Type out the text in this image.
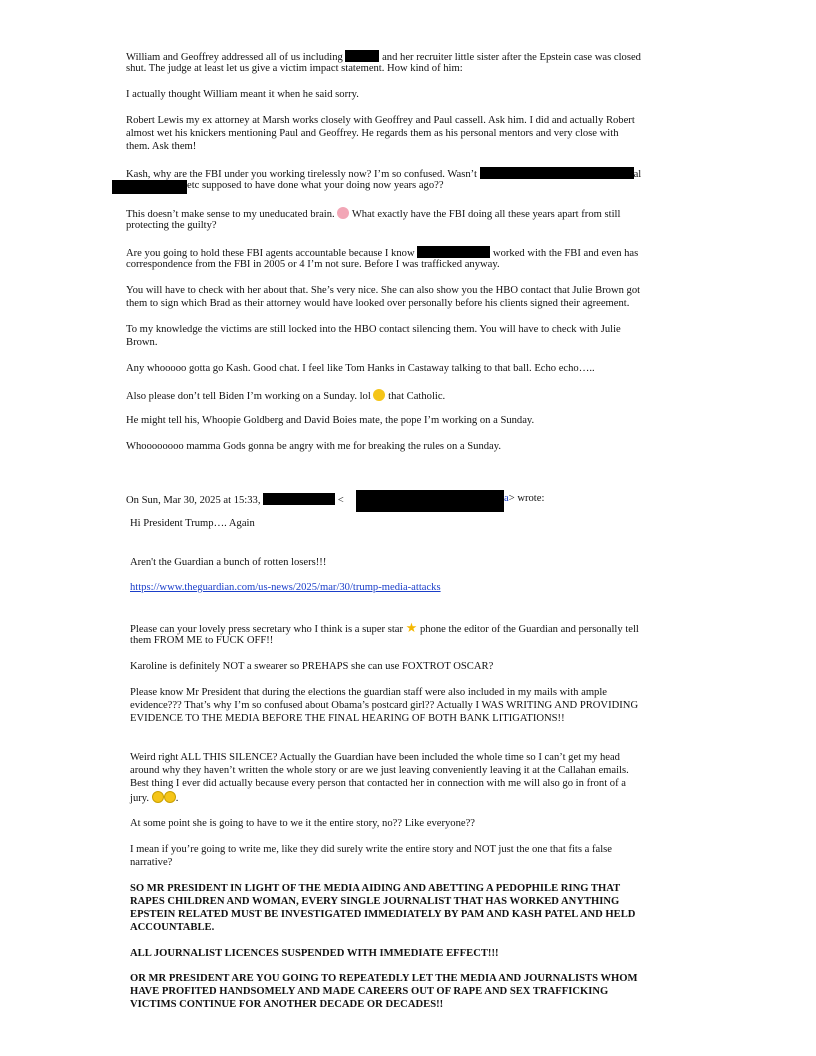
William and Geoffrey addressed all of us including	and her recruiter little sister after the Epstein case was closed

shut. The judge at least let us give a victim impact statement. How kind of him:

I actually thought William meant it when he said sorry.

Robert Lewis my ex attorney at Marsh works closely with Geoffrey and Paul cassell. Ask him. I did and actually Robert

almost wet his knickers mentioning Paul and Geoffrey. He regards them as his personal mentors and very close with

them. Ask them!

Kash, why are the FBI under you working tirelessly now? I’m so confused. Wasn’t	al

etc supposed to have done what your doing now years ago??

This doesn’t make sense to my uneducated brain. What exactly have the FBI doing all these years apart from still

protecting the guilty?

Are you going to hold these FBI agents accountable because I know	worked with the FBI and even has

correspondence from the FBI in 2005 or 4 I’m not sure. Before I was trafficked anyway.

You will have to check with her about that. She’s very nice. She can also show you the HBO contact that Julie Brown got

them to sign which Brad as their attorney would have looked over personally before his clients signed their agreement.

To my knowledge the victims are still locked into the HBO contact silencing them. You will have to check with Julie

Brown.

Any whooooo gotta go Kash. Good chat. I feel like Tom Hanks in Castaway talking to that ball. Echo echo…..

Also please don’t tell Biden I’m working on a Sunday. lol that Catholic.

He might tell his, Whoopie Goldberg and David Boies mate, the pope I’m working on a Sunday.

Whoooooooo mamma Gods gonna be angry with me for breaking the rules on a Sunday.

On Sun, Mar 30, 2025 at 15:33,	<	a> wrote:

Hi President Trump…. Again

Aren't the Guardian a bunch of rotten losers!!!

https://www.theguardian.com/us-news/2025/mar/30/trump-media-attacks

Please can your lovely press secretary who I think is a super star ★ phone the editor of the Guardian and personally tell

them FROM ME to FUCK OFF!!

Karoline is definitely NOT a swearer so PREHAPS she can use FOXTROT OSCAR?

Please know Mr President that during the elections the guardian staff were also included in my mails with ample

evidence??? That’s why I’m so confused about Obama’s postcard girl?? Actually I WAS WRITING AND PROVIDING

EVIDENCE TO THE MEDIA BEFORE THE FINAL HEARING OF BOTH BANK LITIGATIONS!!

Weird right ALL THIS SILENCE? Actually the Guardian have been included the whole time so I can’t get my head

around why they haven’t written the whole story or are we just leaving conveniently leaving it at the Callahan emails.

Best thing I ever did actually because every person that contacted her in connection with me will also go in front of a

jury.	.

At some point she is going to have to we it the entire story, no?? Like everyone??

I mean if you’re going to write me, like they did surely write the entire story and NOT just the one that fits a false

narrative?

SO MR PRESIDENT IN LIGHT OF THE MEDIA AIDING AND ABETTING A PEDOPHILE RING THAT

RAPES CHILDREN AND WOMAN, EVERY SINGLE JOURNALIST THAT HAS WORKED ANYTHING

EPSTEIN RELATED MUST BE INVESTIGATED IMMEDIATELY BY PAM AND KASH PATEL AND HELD

ACCOUNTABLE.

ALL JOURNALIST LICENCES SUSPENDED WITH IMMEDIATE EFFECT!!!

OR MR PRESIDENT ARE YOU GOING TO REPEATEDLY LET THE MEDIA AND JOURNALISTS WHOM

HAVE PROFITED HANDSOMELY AND MADE CAREERS OUT OF RAPE AND SEX TRAFFICKING

VICTIMS CONTINUE FOR ANOTHER DECADE OR DECADES!!
